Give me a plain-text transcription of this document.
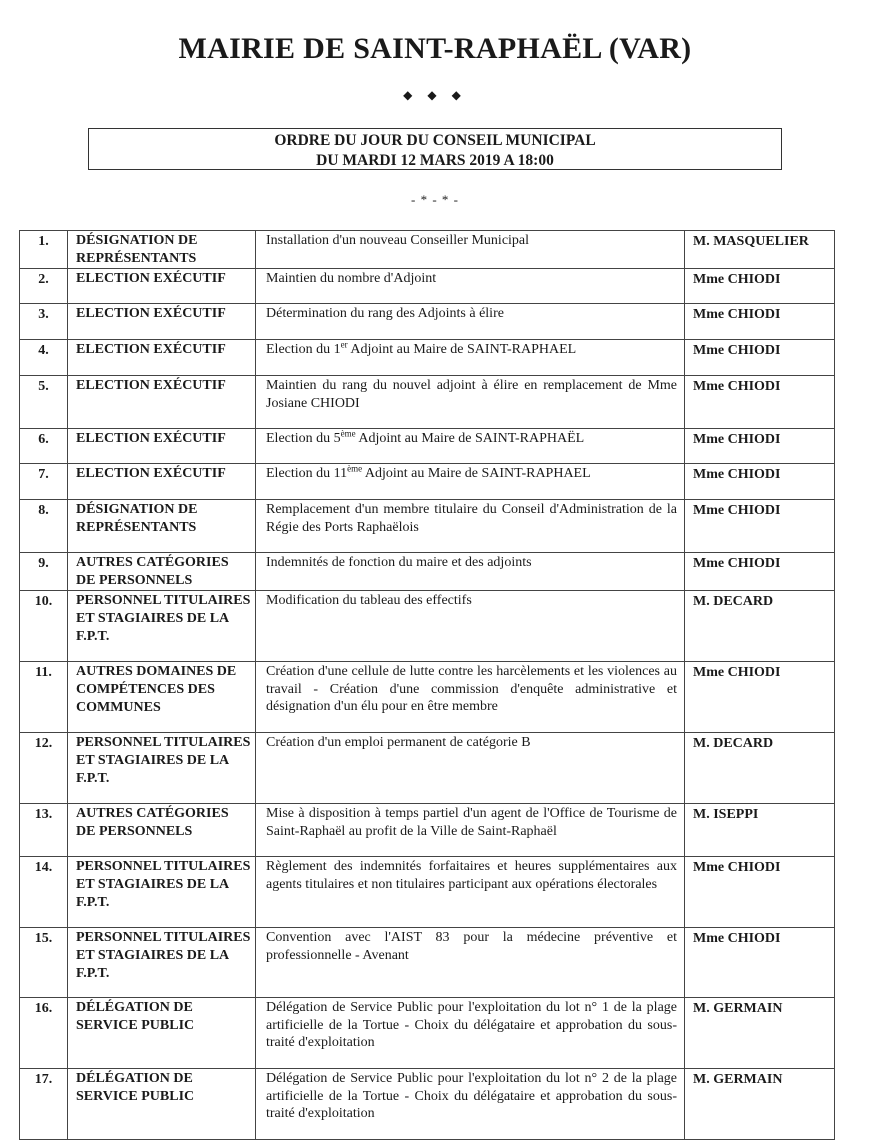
MAIRIE DE SAINT-RAPHAËL (VAR)
◆ ◆ ◆
ORDRE DU JOUR DU CONSEIL MUNICIPAL
DU MARDI 12 MARS 2019 A 18:00
- * - * -
1.	DÉSIGNATION DE REPRÉSENTANTS	Installation d'un nouveau Conseiller Municipal	M. MASQUELIER
2.	ELECTION EXÉCUTIF	Maintien du nombre d'Adjoint	Mme CHIODI
3.	ELECTION EXÉCUTIF	Détermination du rang des Adjoints à élire	Mme CHIODI
4.	ELECTION EXÉCUTIF	Election du 1er Adjoint au Maire de SAINT-RAPHAEL	Mme CHIODI
5.	ELECTION EXÉCUTIF	Maintien du rang du nouvel adjoint à élire en remplacement de Mme Josiane CHIODI	Mme CHIODI
6.	ELECTION EXÉCUTIF	Election du 5ème Adjoint au Maire de SAINT-RAPHAËL	Mme CHIODI
7.	ELECTION EXÉCUTIF	Election du 11ème Adjoint au Maire de SAINT-RAPHAEL	Mme CHIODI
8.	DÉSIGNATION DE REPRÉSENTANTS	Remplacement d'un membre titulaire du Conseil d'Administration de la Régie des Ports Raphaëlois	Mme CHIODI
9.	AUTRES CATÉGORIES DE PERSONNELS	Indemnités de fonction du maire et des adjoints	Mme CHIODI
10.	PERSONNEL TITULAIRES ET STAGIAIRES DE LA F.P.T.	Modification du tableau des effectifs	M. DECARD
11.	AUTRES DOMAINES DE COMPÉTENCES DES COMMUNES	Création d'une cellule de lutte contre les harcèlements et les violences au travail - Création d'une commission d'enquête administrative et désignation d'un élu pour en être membre	Mme CHIODI
12.	PERSONNEL TITULAIRES ET STAGIAIRES DE LA F.P.T.	Création d'un emploi permanent de catégorie B	M. DECARD
13.	AUTRES CATÉGORIES DE PERSONNELS	Mise à disposition à temps partiel d'un agent de l'Office de Tourisme de Saint-Raphaël au profit de la Ville de Saint-Raphaël	M. ISEPPI
14.	PERSONNEL TITULAIRES ET STAGIAIRES DE LA F.P.T.	Règlement des indemnités forfaitaires et heures supplémentaires aux agents titulaires et non titulaires participant aux opérations électorales	Mme CHIODI
15.	PERSONNEL TITULAIRES ET STAGIAIRES DE LA F.P.T.	Convention avec l'AIST 83 pour la médecine préventive et professionnelle - Avenant	Mme CHIODI
16.	DÉLÉGATION DE SERVICE PUBLIC	Délégation de Service Public pour l'exploitation du lot n° 1 de la plage artificielle de la Tortue - Choix du délégataire et approbation du sous-traité d'exploitation	M. GERMAIN
17.	DÉLÉGATION DE SERVICE PUBLIC	Délégation de Service Public pour l'exploitation du lot n° 2 de la plage artificielle de la Tortue - Choix du délégataire et approbation du sous-traité d'exploitation	M. GERMAIN
